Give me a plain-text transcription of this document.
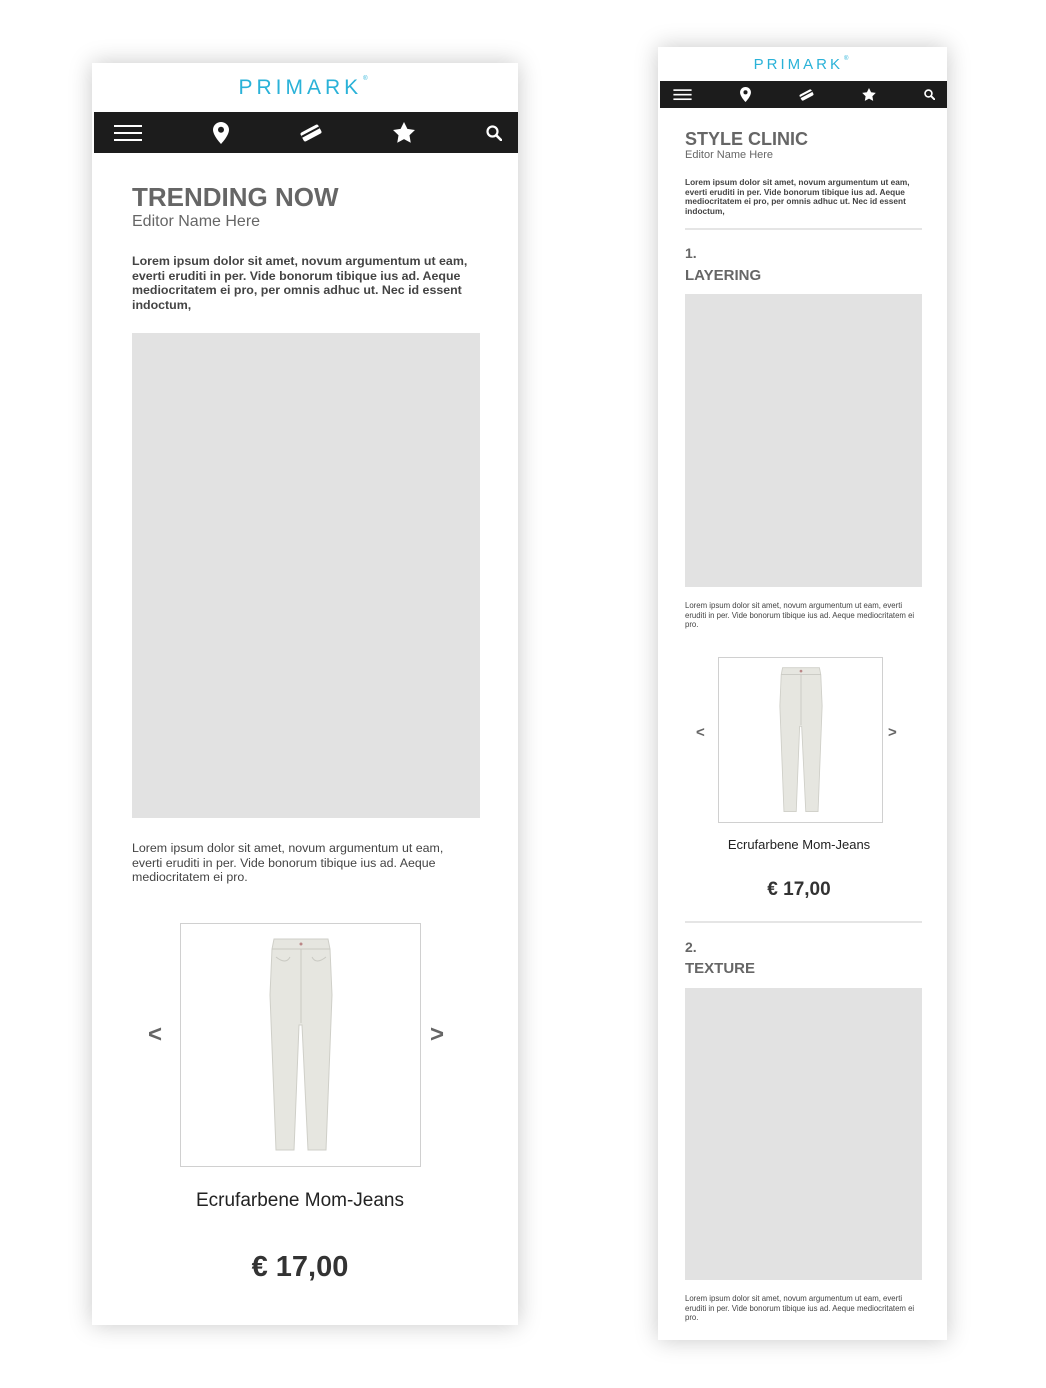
PRIMARK®
TRENDING NOW
Editor Name Here
Lorem ipsum dolor sit amet, novum argumentum ut eam, everti eruditi in per. Vide bonorum tibique ius ad. Aeque mediocritatem ei pro, per omnis adhuc ut. Nec id essent indoctum,
Lorem ipsum dolor sit amet, novum argumentum ut eam, everti eruditi in per. Vide bonorum tibique ius ad. Aeque mediocritatem ei pro.
<	>
Ecrufarbene Mom-Jeans
€ 17,00
PRIMARK®
STYLE CLINIC
Editor Name Here
Lorem ipsum dolor sit amet, novum argumentum ut eam, everti eruditi in per. Vide bonorum tibique ius ad. Aeque mediocritatem ei pro, per omnis adhuc ut. Nec id essent indoctum,
1.
LAYERING
Lorem ipsum dolor sit amet, novum argumentum ut eam, everti eruditi in per. Vide bonorum tibique ius ad. Aeque mediocritatem ei pro.
<	>
Ecrufarbene Mom-Jeans
€ 17,00
2.
TEXTURE
Lorem ipsum dolor sit amet, novum argumentum ut eam, everti eruditi in per. Vide bonorum tibique ius ad. Aeque mediocritatem ei pro.
